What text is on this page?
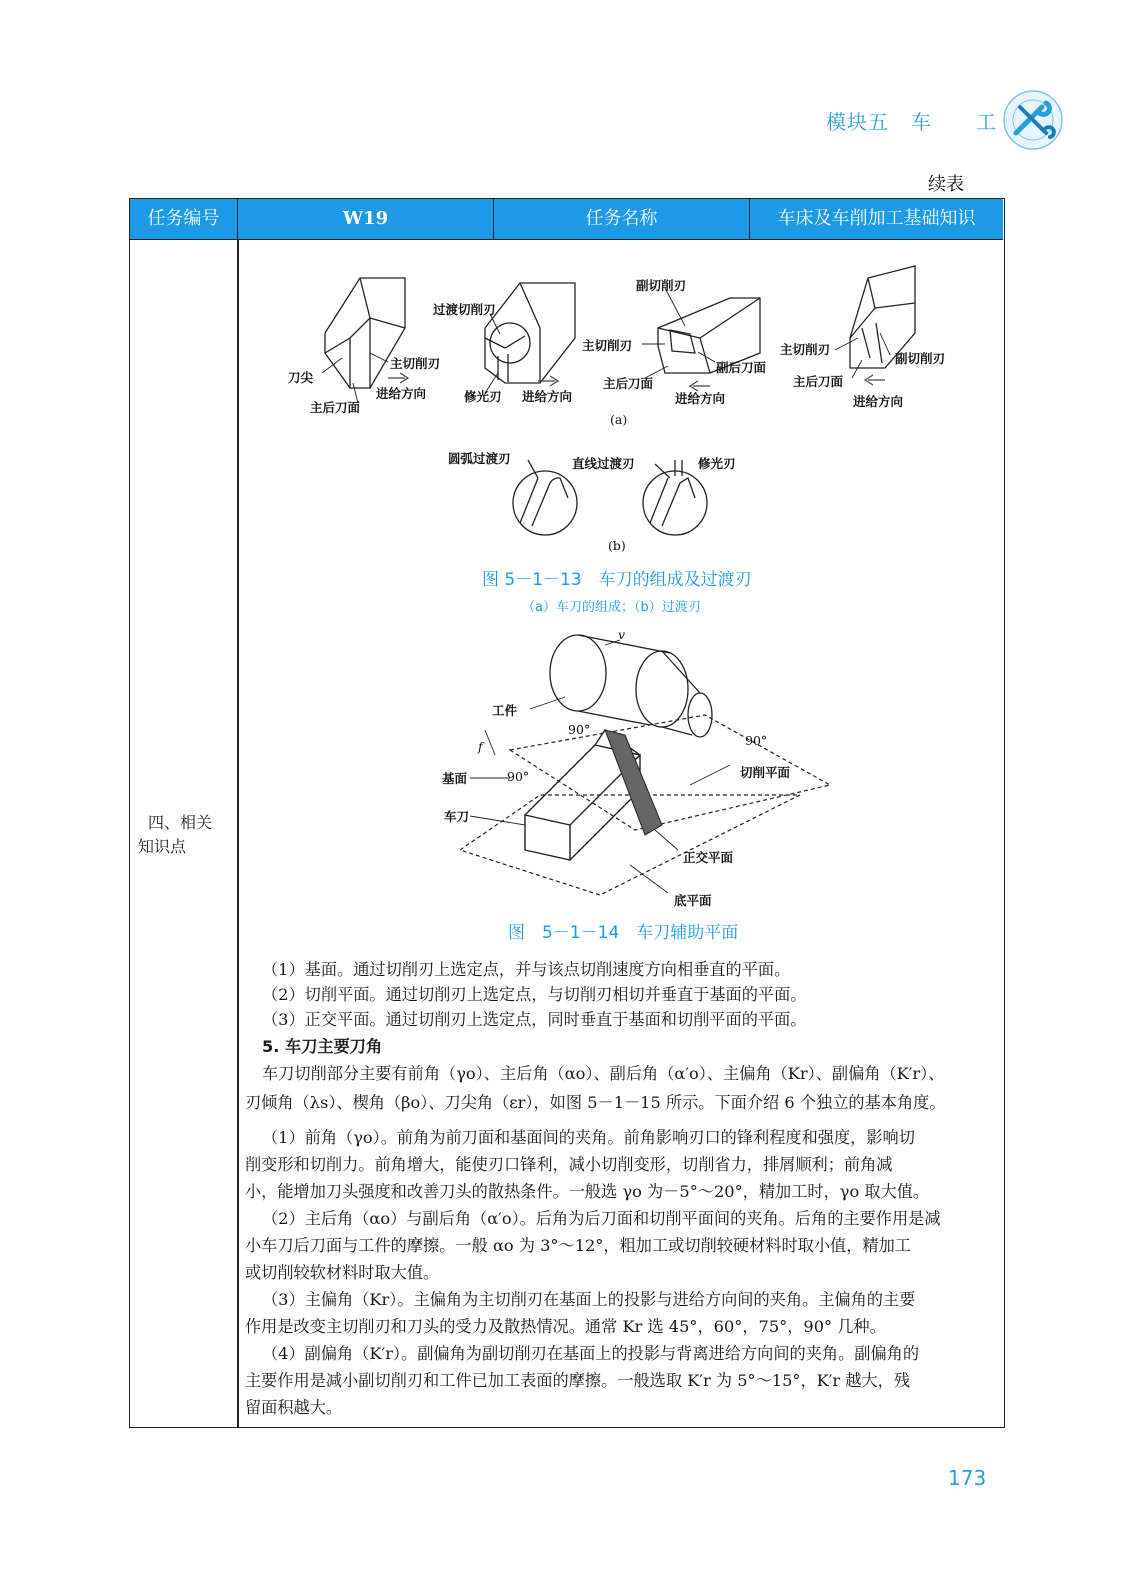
模块五 车 工
续表
任务编号	W19	任务名称	车床及车削加工基础知识
四、相关
知识点
刀尖
主后刀面
主切削刃
进给方向
过渡切削刃
修光刃 进给方向
副切削刃
主切削刃
主后刀面
副后刀面
进给方向
主切削刃
副切削刃
主后刀面
进给方向
(a)
圆弧过渡刃	直线过渡刃	修光刃
(b)
图 5－1－13　车刀的组成及过渡刃
（a）车刀的组成；（b）过渡刃
v
工件
f
90°
90°
90°
基面
车刀
切削平面
正交平面
底平面
图　5－1－14　车刀辅助平面
（1）基面。通过切削刃上选定点，并与该点切削速度方向相垂直的平面。
（2）切削平面。通过切削刃上选定点，与切削刃相切并垂直于基面的平面。
（3）正交平面。通过切削刃上选定点，同时垂直于基面和切削平面的平面。
5. 车刀主要刀角
车刀切削部分主要有前角（γo）、主后角（αo）、副后角（α′o）、主偏角（Kr）、副偏角（K′r）、
刃倾角（λs）、楔角（βo）、刀尖角（εr），如图 5－1－15 所示。下面介绍 6 个独立的基本角度。
（1）前角（γo）。前角为前刀面和基面间的夹角。前角影响刃口的锋利程度和强度，影响切
削变形和切削力。前角增大，能使刃口锋利，减小切削变形，切削省力，排屑顺利；前角减
小，能增加刀头强度和改善刀头的散热条件。一般选 γo 为－5°～20°，精加工时，γo 取大值。
（2）主后角（αo）与副后角（α′o）。后角为后刀面和切削平面间的夹角。后角的主要作用是减
小车刀后刀面与工件的摩擦。一般 αo 为 3°～12°，粗加工或切削较硬材料时取小值，精加工
或切削较软材料时取大值。
（3）主偏角（Kr）。主偏角为主切削刃在基面上的投影与进给方向间的夹角。主偏角的主要
作用是改变主切削刃和刀头的受力及散热情况。通常 Kr 选 45°，60°，75°，90° 几种。
（4）副偏角（K′r）。副偏角为副切削刃在基面上的投影与背离进给方向间的夹角。副偏角的
主要作用是减小副切削刃和工件已加工表面的摩擦。一般选取 K′r 为 5°～15°，K′r 越大，残
留面积越大。
173
